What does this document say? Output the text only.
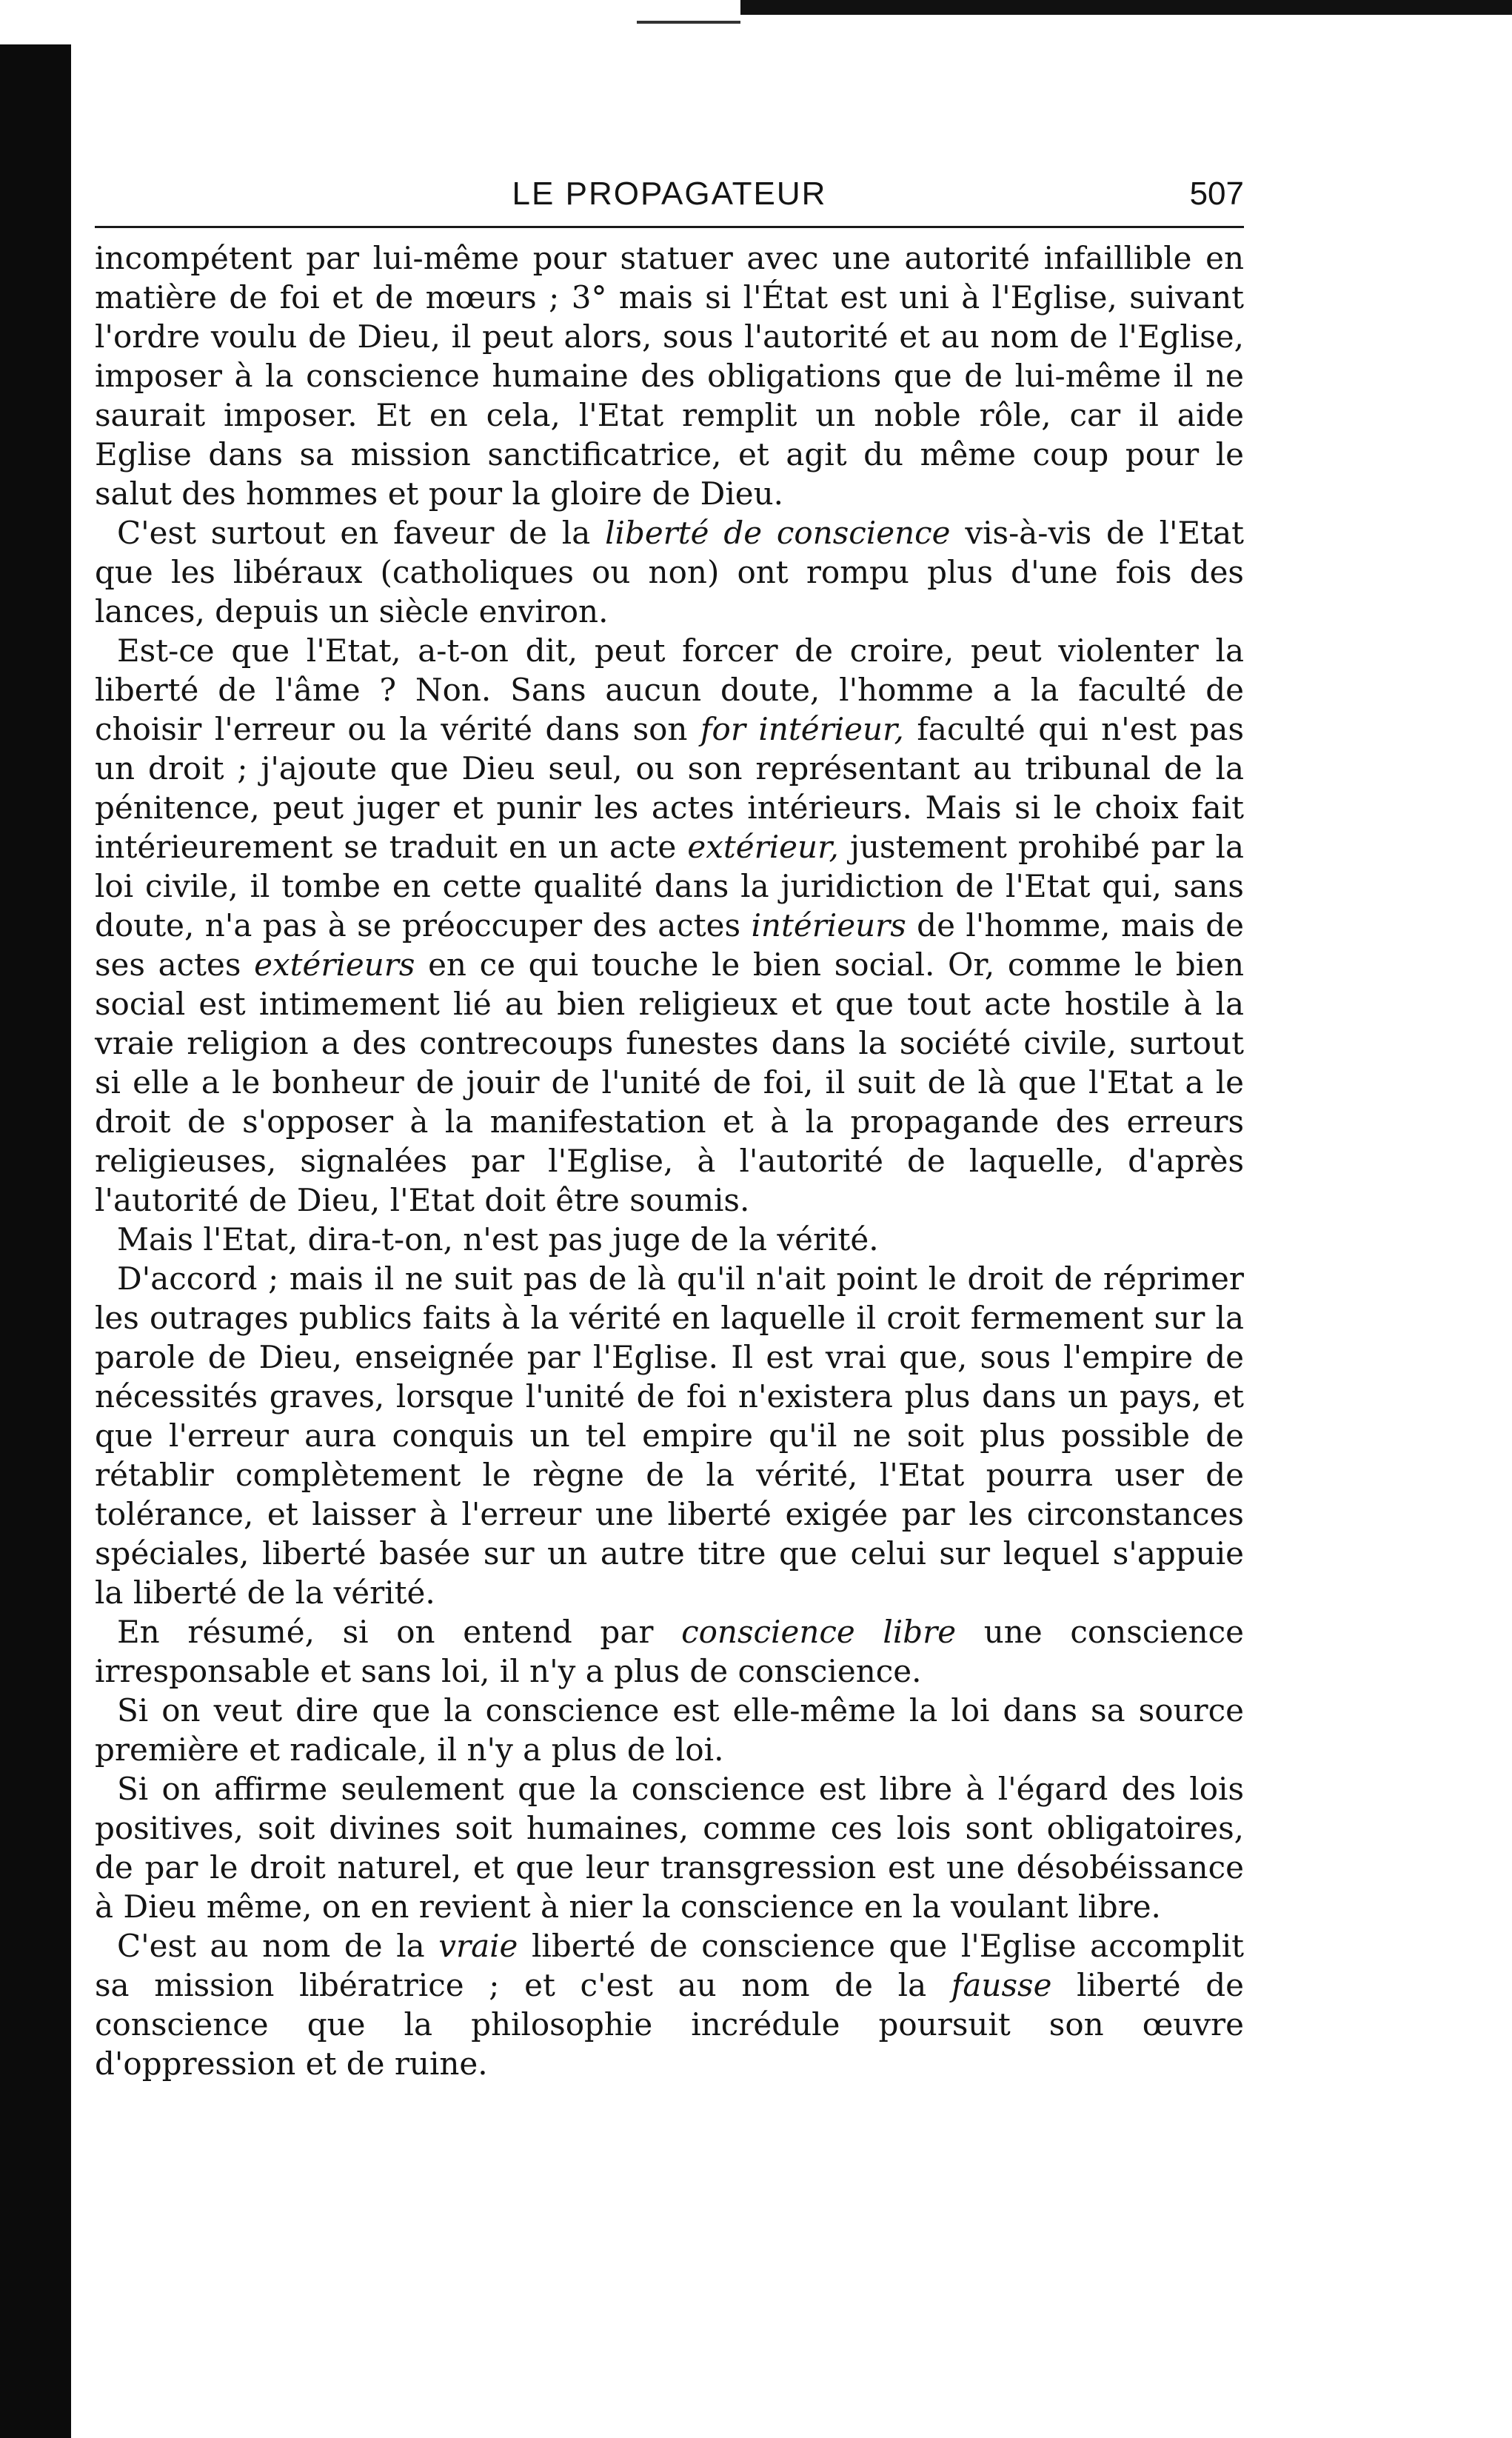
LE PROPAGATEUR	507

incompétent par lui-même pour statuer avec une autorité infaillible en matière de foi et de mœurs ; 3° mais si l'État est uni à l'Eglise, suivant l'ordre voulu de Dieu, il peut alors, sous l'autorité et au nom de l'Eglise, imposer à la conscience humaine des obligations que de lui-même il ne saurait imposer. Et en cela, l'Etat remplit un noble rôle, car il aide Eglise dans sa mission sanctificatrice, et agit du même coup pour le salut des hommes et pour la gloire de Dieu.

C'est surtout en faveur de la liberté de conscience vis-à-vis de l'Etat que les libéraux (catholiques ou non) ont rompu plus d'une fois des lances, depuis un siècle environ.

Est-ce que l'Etat, a-t-on dit, peut forcer de croire, peut violenter la liberté de l'âme ? Non. Sans aucun doute, l'homme a la faculté de choisir l'erreur ou la vérité dans son for intérieur, faculté qui n'est pas un droit ; j'ajoute que Dieu seul, ou son représentant au tribunal de la pénitence, peut juger et punir les actes intérieurs. Mais si le choix fait intérieurement se traduit en un acte extérieur, justement prohibé par la loi civile, il tombe en cette qualité dans la juridiction de l'Etat qui, sans doute, n'a pas à se préoccuper des actes intérieurs de l'homme, mais de ses actes extérieurs en ce qui touche le bien social. Or, comme le bien social est intimement lié au bien religieux et que tout acte hostile à la vraie religion a des contrecoups funestes dans la société civile, surtout si elle a le bonheur de jouir de l'unité de foi, il suit de là que l'Etat a le droit de s'opposer à la manifestation et à la propagande des erreurs religieuses, signalées par l'Eglise, à l'autorité de laquelle, d'après l'autorité de Dieu, l'Etat doit être soumis.

Mais l'Etat, dira-t-on, n'est pas juge de la vérité.

D'accord ; mais il ne suit pas de là qu'il n'ait point le droit de réprimer les outrages publics faits à la vérité en laquelle il croit fermement sur la parole de Dieu, enseignée par l'Eglise. Il est vrai que, sous l'empire de nécessités graves, lorsque l'unité de foi n'existera plus dans un pays, et que l'erreur aura conquis un tel empire qu'il ne soit plus possible de rétablir complètement le règne de la vérité, l'Etat pourra user de tolérance, et laisser à l'erreur une liberté exigée par les circonstances spéciales, liberté basée sur un autre titre que celui sur lequel s'appuie la liberté de la vérité.

En résumé, si on entend par conscience libre une conscience irresponsable et sans loi, il n'y a plus de conscience.

Si on veut dire que la conscience est elle-même la loi dans sa source première et radicale, il n'y a plus de loi.

Si on affirme seulement que la conscience est libre à l'égard des lois positives, soit divines soit humaines, comme ces lois sont obligatoires, de par le droit naturel, et que leur transgression est une désobéissance à Dieu même, on en revient à nier la conscience en la voulant libre.

C'est au nom de la vraie liberté de conscience que l'Eglise accomplit sa mission libératrice ; et c'est au nom de la fausse liberté de conscience que la philosophie incrédule poursuit son œuvre d'oppression et de ruine.
